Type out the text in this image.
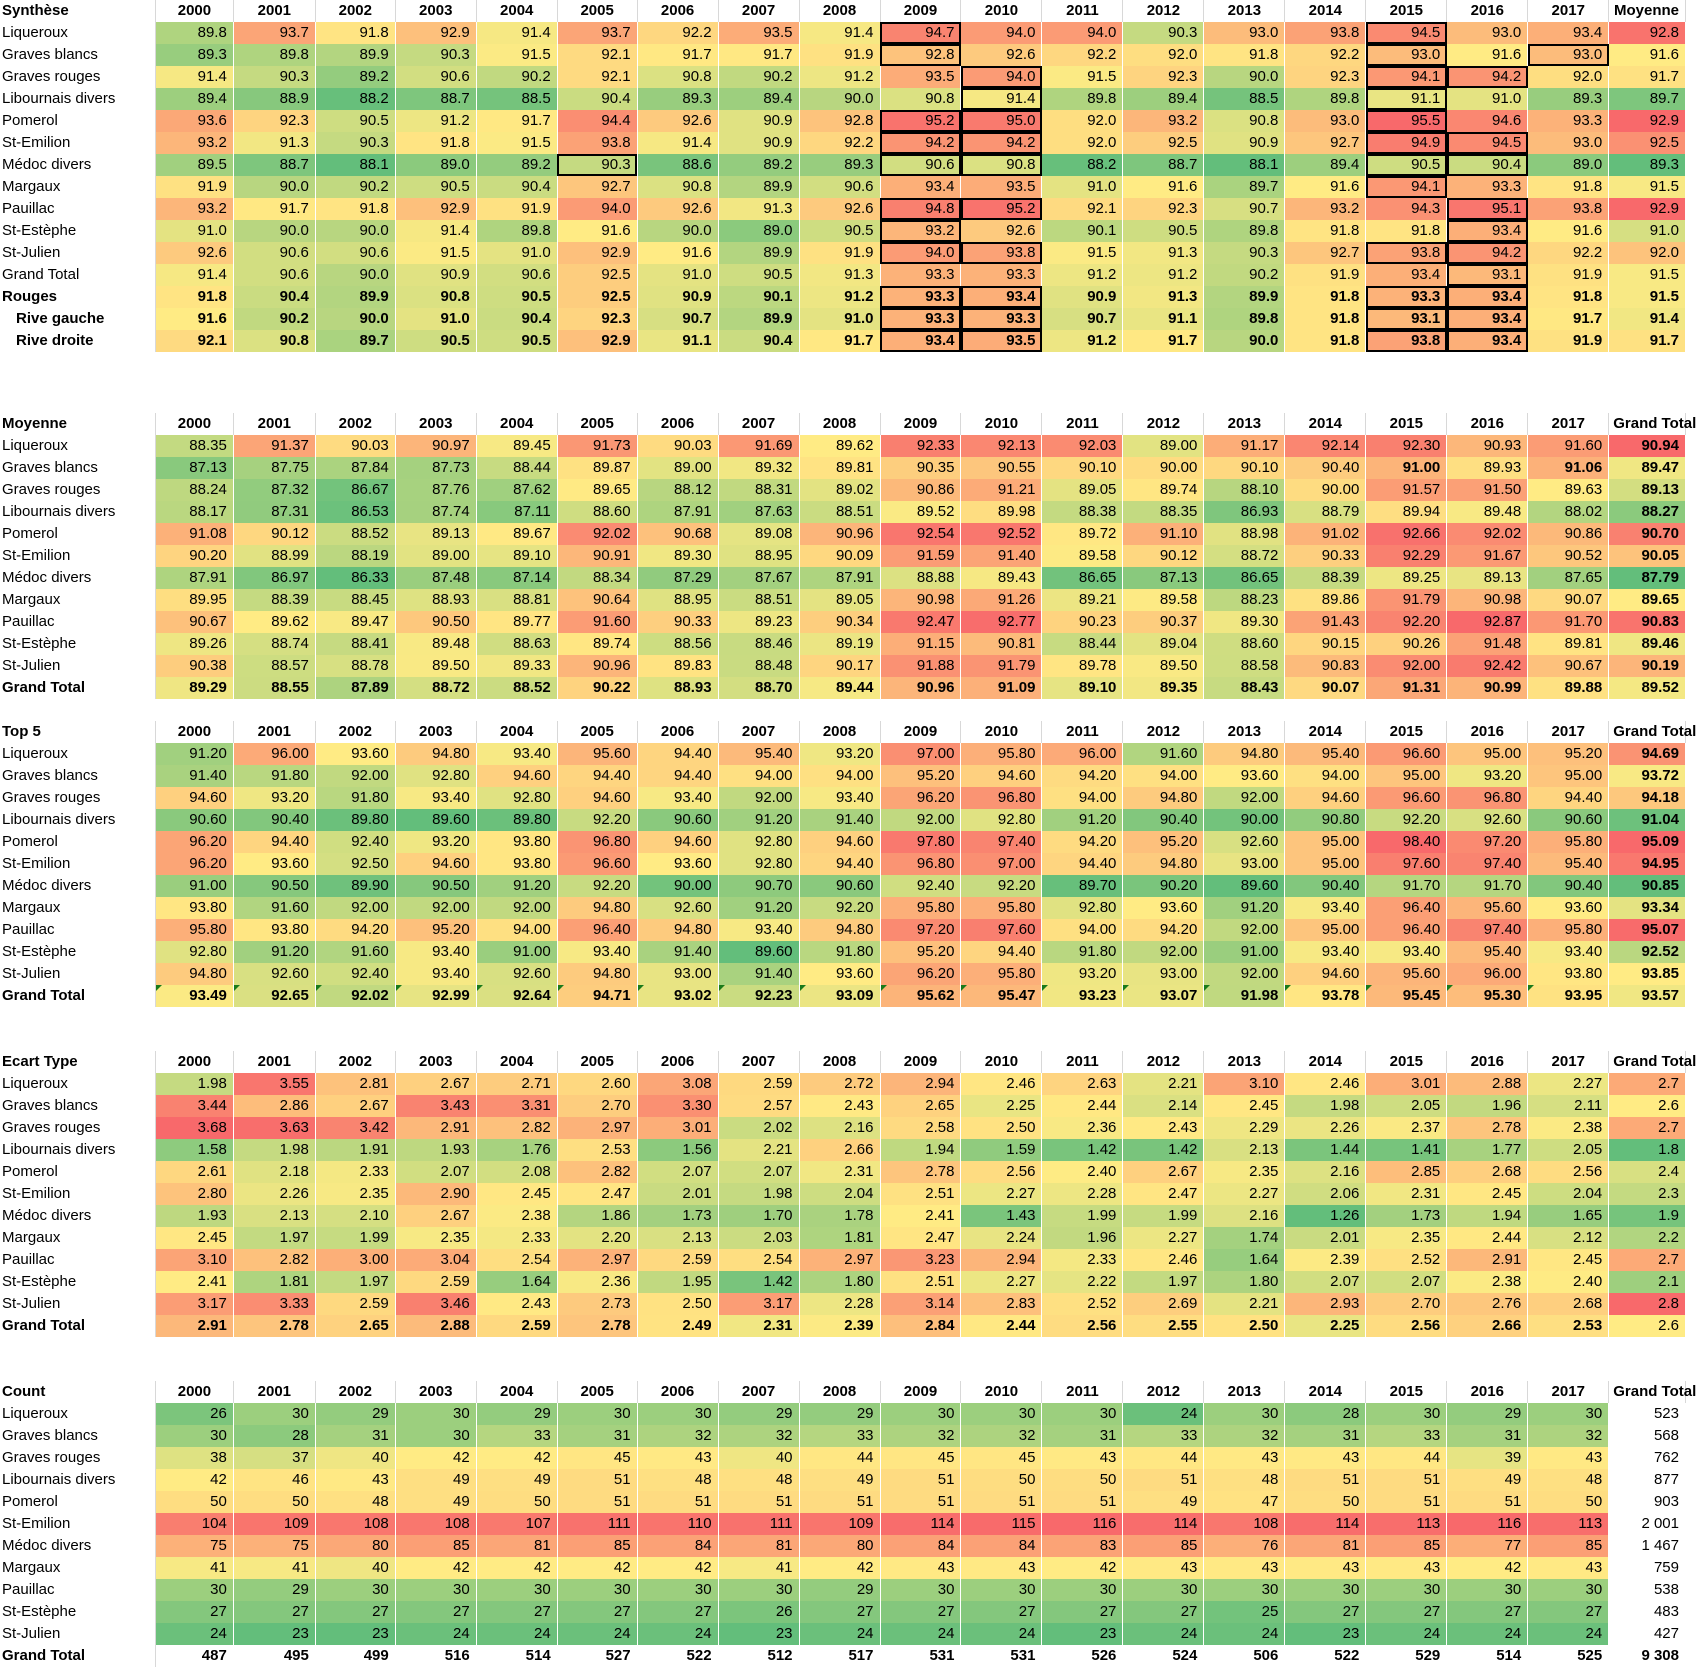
Synthèse	2000	2001	2002	2003	2004	2005	2006	2007	2008	2009	2010	2011	2012	2013	2014	2015	2016	2017	Moyenne
Liqueroux	89.8	93.7	91.8	92.9	91.4	93.7	92.2	93.5	91.4	94.7	94.0	94.0	90.3	93.0	93.8	94.5	93.0	93.4	92.8
Graves blancs	89.3	89.8	89.9	90.3	91.5	92.1	91.7	91.7	91.9	92.8	92.6	92.2	92.0	91.8	92.2	93.0	91.6	93.0	91.6
Graves rouges	91.4	90.3	89.2	90.6	90.2	92.1	90.8	90.2	91.2	93.5	94.0	91.5	92.3	90.0	92.3	94.1	94.2	92.0	91.7
Libournais divers	89.4	88.9	88.2	88.7	88.5	90.4	89.3	89.4	90.0	90.8	91.4	89.8	89.4	88.5	89.8	91.1	91.0	89.3	89.7
Pomerol	93.6	92.3	90.5	91.2	91.7	94.4	92.6	90.9	92.8	95.2	95.0	92.0	93.2	90.8	93.0	95.5	94.6	93.3	92.9
St-Emilion	93.2	91.3	90.3	91.8	91.5	93.8	91.4	90.9	92.2	94.2	94.2	92.0	92.5	90.9	92.7	94.9	94.5	93.0	92.5
Médoc divers	89.5	88.7	88.1	89.0	89.2	90.3	88.6	89.2	89.3	90.6	90.8	88.2	88.7	88.1	89.4	90.5	90.4	89.0	89.3
Margaux	91.9	90.0	90.2	90.5	90.4	92.7	90.8	89.9	90.6	93.4	93.5	91.0	91.6	89.7	91.6	94.1	93.3	91.8	91.5
Pauillac	93.2	91.7	91.8	92.9	91.9	94.0	92.6	91.3	92.6	94.8	95.2	92.1	92.3	90.7	93.2	94.3	95.1	93.8	92.9
St-Estèphe	91.0	90.0	90.0	91.4	89.8	91.6	90.0	89.0	90.5	93.2	92.6	90.1	90.5	89.8	91.8	91.8	93.4	91.6	91.0
St-Julien	92.6	90.6	90.6	91.5	91.0	92.9	91.6	89.9	91.9	94.0	93.8	91.5	91.3	90.3	92.7	93.8	94.2	92.2	92.0
Grand Total	91.4	90.6	90.0	90.9	90.6	92.5	91.0	90.5	91.3	93.3	93.3	91.2	91.2	90.2	91.9	93.4	93.1	91.9	91.5
Rouges	91.8	90.4	89.9	90.8	90.5	92.5	90.9	90.1	91.2	93.3	93.4	90.9	91.3	89.9	91.8	93.3	93.4	91.8	91.5
Rive gauche	91.6	90.2	90.0	91.0	90.4	92.3	90.7	89.9	91.0	93.3	93.3	90.7	91.1	89.8	91.8	93.1	93.4	91.7	91.4
Rive droite	92.1	90.8	89.7	90.5	90.5	92.9	91.1	90.4	91.7	93.4	93.5	91.2	91.7	90.0	91.8	93.8	93.4	91.9	91.7
Moyenne	2000	2001	2002	2003	2004	2005	2006	2007	2008	2009	2010	2011	2012	2013	2014	2015	2016	2017	Grand Total
Liqueroux	88.35	91.37	90.03	90.97	89.45	91.73	90.03	91.69	89.62	92.33	92.13	92.03	89.00	91.17	92.14	92.30	90.93	91.60	90.94
Graves blancs	87.13	87.75	87.84	87.73	88.44	89.87	89.00	89.32	89.81	90.35	90.55	90.10	90.00	90.10	90.40	91.00	89.93	91.06	89.47
Graves rouges	88.24	87.32	86.67	87.76	87.62	89.65	88.12	88.31	89.02	90.86	91.21	89.05	89.74	88.10	90.00	91.57	91.50	89.63	89.13
Libournais divers	88.17	87.31	86.53	87.74	87.11	88.60	87.91	87.63	88.51	89.52	89.98	88.38	88.35	86.93	88.79	89.94	89.48	88.02	88.27
Pomerol	91.08	90.12	88.52	89.13	89.67	92.02	90.68	89.08	90.96	92.54	92.52	89.72	91.10	88.98	91.02	92.66	92.02	90.86	90.70
St-Emilion	90.20	88.99	88.19	89.00	89.10	90.91	89.30	88.95	90.09	91.59	91.40	89.58	90.12	88.72	90.33	92.29	91.67	90.52	90.05
Médoc divers	87.91	86.97	86.33	87.48	87.14	88.34	87.29	87.67	87.91	88.88	89.43	86.65	87.13	86.65	88.39	89.25	89.13	87.65	87.79
Margaux	89.95	88.39	88.45	88.93	88.81	90.64	88.95	88.51	89.05	90.98	91.26	89.21	89.58	88.23	89.86	91.79	90.98	90.07	89.65
Pauillac	90.67	89.62	89.47	90.50	89.77	91.60	90.33	89.23	90.34	92.47	92.77	90.23	90.37	89.30	91.43	92.20	92.87	91.70	90.83
St-Estèphe	89.26	88.74	88.41	89.48	88.63	89.74	88.56	88.46	89.19	91.15	90.81	88.44	89.04	88.60	90.15	90.26	91.48	89.81	89.46
St-Julien	90.38	88.57	88.78	89.50	89.33	90.96	89.83	88.48	90.17	91.88	91.79	89.78	89.50	88.58	90.83	92.00	92.42	90.67	90.19
Grand Total	89.29	88.55	87.89	88.72	88.52	90.22	88.93	88.70	89.44	90.96	91.09	89.10	89.35	88.43	90.07	91.31	90.99	89.88	89.52
Top 5	2000	2001	2002	2003	2004	2005	2006	2007	2008	2009	2010	2011	2012	2013	2014	2015	2016	2017	Grand Total
Liqueroux	91.20	96.00	93.60	94.80	93.40	95.60	94.40	95.40	93.20	97.00	95.80	96.00	91.60	94.80	95.40	96.60	95.00	95.20	94.69
Graves blancs	91.40	91.80	92.00	92.80	94.60	94.40	94.40	94.00	94.00	95.20	94.60	94.20	94.00	93.60	94.00	95.00	93.20	95.00	93.72
Graves rouges	94.60	93.20	91.80	93.40	92.80	94.60	93.40	92.00	93.40	96.20	96.80	94.00	94.80	92.00	94.60	96.60	96.80	94.40	94.18
Libournais divers	90.60	90.40	89.80	89.60	89.80	92.20	90.60	91.20	91.40	92.00	92.80	91.20	90.40	90.00	90.80	92.20	92.60	90.60	91.04
Pomerol	96.20	94.40	92.40	93.20	93.80	96.80	94.60	92.80	94.60	97.80	97.40	94.20	95.20	92.60	95.00	98.40	97.20	95.80	95.09
St-Emilion	96.20	93.60	92.50	94.60	93.80	96.60	93.60	92.80	94.40	96.80	97.00	94.40	94.80	93.00	95.00	97.60	97.40	95.40	94.95
Médoc divers	91.00	90.50	89.90	90.50	91.20	92.20	90.00	90.70	90.60	92.40	92.20	89.70	90.20	89.60	90.40	91.70	91.70	90.40	90.85
Margaux	93.80	91.60	92.00	92.00	92.00	94.80	92.60	91.20	92.20	95.80	95.80	92.80	93.60	91.20	93.40	96.40	95.60	93.60	93.34
Pauillac	95.80	93.80	94.20	95.20	94.00	96.40	94.80	93.40	94.80	97.20	97.60	94.00	94.20	92.00	95.00	96.40	97.40	95.80	95.07
St-Estèphe	92.80	91.20	91.60	93.40	91.00	93.40	91.40	89.60	91.80	95.20	94.40	91.80	92.00	91.00	93.40	93.40	95.40	93.40	92.52
St-Julien	94.80	92.60	92.40	93.40	92.60	94.80	93.00	91.40	93.60	96.20	95.80	93.20	93.00	92.00	94.60	95.60	96.00	93.80	93.85
Grand Total	93.49	92.65	92.02	92.99	92.64	94.71	93.02	92.23	93.09	95.62	95.47	93.23	93.07	91.98	93.78	95.45	95.30	93.95	93.57
Ecart Type	2000	2001	2002	2003	2004	2005	2006	2007	2008	2009	2010	2011	2012	2013	2014	2015	2016	2017	Grand Total
Liqueroux	1.98	3.55	2.81	2.67	2.71	2.60	3.08	2.59	2.72	2.94	2.46	2.63	2.21	3.10	2.46	3.01	2.88	2.27	2.7
Graves blancs	3.44	2.86	2.67	3.43	3.31	2.70	3.30	2.57	2.43	2.65	2.25	2.44	2.14	2.45	1.98	2.05	1.96	2.11	2.6
Graves rouges	3.68	3.63	3.42	2.91	2.82	2.97	3.01	2.02	2.16	2.58	2.50	2.36	2.43	2.29	2.26	2.37	2.78	2.38	2.7
Libournais divers	1.58	1.98	1.91	1.93	1.76	2.53	1.56	2.21	2.66	1.94	1.59	1.42	1.42	2.13	1.44	1.41	1.77	2.05	1.8
Pomerol	2.61	2.18	2.33	2.07	2.08	2.82	2.07	2.07	2.31	2.78	2.56	2.40	2.67	2.35	2.16	2.85	2.68	2.56	2.4
St-Emilion	2.80	2.26	2.35	2.90	2.45	2.47	2.01	1.98	2.04	2.51	2.27	2.28	2.47	2.27	2.06	2.31	2.45	2.04	2.3
Médoc divers	1.93	2.13	2.10	2.67	2.38	1.86	1.73	1.70	1.78	2.41	1.43	1.99	1.99	2.16	1.26	1.73	1.94	1.65	1.9
Margaux	2.45	1.97	1.99	2.35	2.33	2.20	2.13	2.03	1.81	2.47	2.24	1.96	2.27	1.74	2.01	2.35	2.44	2.12	2.2
Pauillac	3.10	2.82	3.00	3.04	2.54	2.97	2.59	2.54	2.97	3.23	2.94	2.33	2.46	1.64	2.39	2.52	2.91	2.45	2.7
St-Estèphe	2.41	1.81	1.97	2.59	1.64	2.36	1.95	1.42	1.80	2.51	2.27	2.22	1.97	1.80	2.07	2.07	2.38	2.40	2.1
St-Julien	3.17	3.33	2.59	3.46	2.43	2.73	2.50	3.17	2.28	3.14	2.83	2.52	2.69	2.21	2.93	2.70	2.76	2.68	2.8
Grand Total	2.91	2.78	2.65	2.88	2.59	2.78	2.49	2.31	2.39	2.84	2.44	2.56	2.55	2.50	2.25	2.56	2.66	2.53	2.6
Count	2000	2001	2002	2003	2004	2005	2006	2007	2008	2009	2010	2011	2012	2013	2014	2015	2016	2017	Grand Total
Liqueroux	26	30	29	30	29	30	30	29	29	30	30	30	24	30	28	30	29	30	523
Graves blancs	30	28	31	30	33	31	32	32	33	32	32	31	33	32	31	33	31	32	568
Graves rouges	38	37	40	42	42	45	43	40	44	45	45	43	44	43	43	44	39	43	762
Libournais divers	42	46	43	49	49	51	48	48	49	51	50	50	51	48	51	51	49	48	877
Pomerol	50	50	48	49	50	51	51	51	51	51	51	51	49	47	50	51	51	50	903
St-Emilion	104	109	108	108	107	111	110	111	109	114	115	116	114	108	114	113	116	113	2 001
Médoc divers	75	75	80	85	81	85	84	81	80	84	84	83	85	76	81	85	77	85	1 467
Margaux	41	41	40	42	42	42	42	41	42	43	43	42	43	43	43	43	42	43	759
Pauillac	30	29	30	30	30	30	30	30	29	30	30	30	30	30	30	30	30	30	538
St-Estèphe	27	27	27	27	27	27	27	26	27	27	27	27	27	25	27	27	27	27	483
St-Julien	24	23	23	24	24	24	24	23	24	24	24	23	24	24	23	24	24	24	427
Grand Total	487	495	499	516	514	527	522	512	517	531	531	526	524	506	522	529	514	525	9 308
